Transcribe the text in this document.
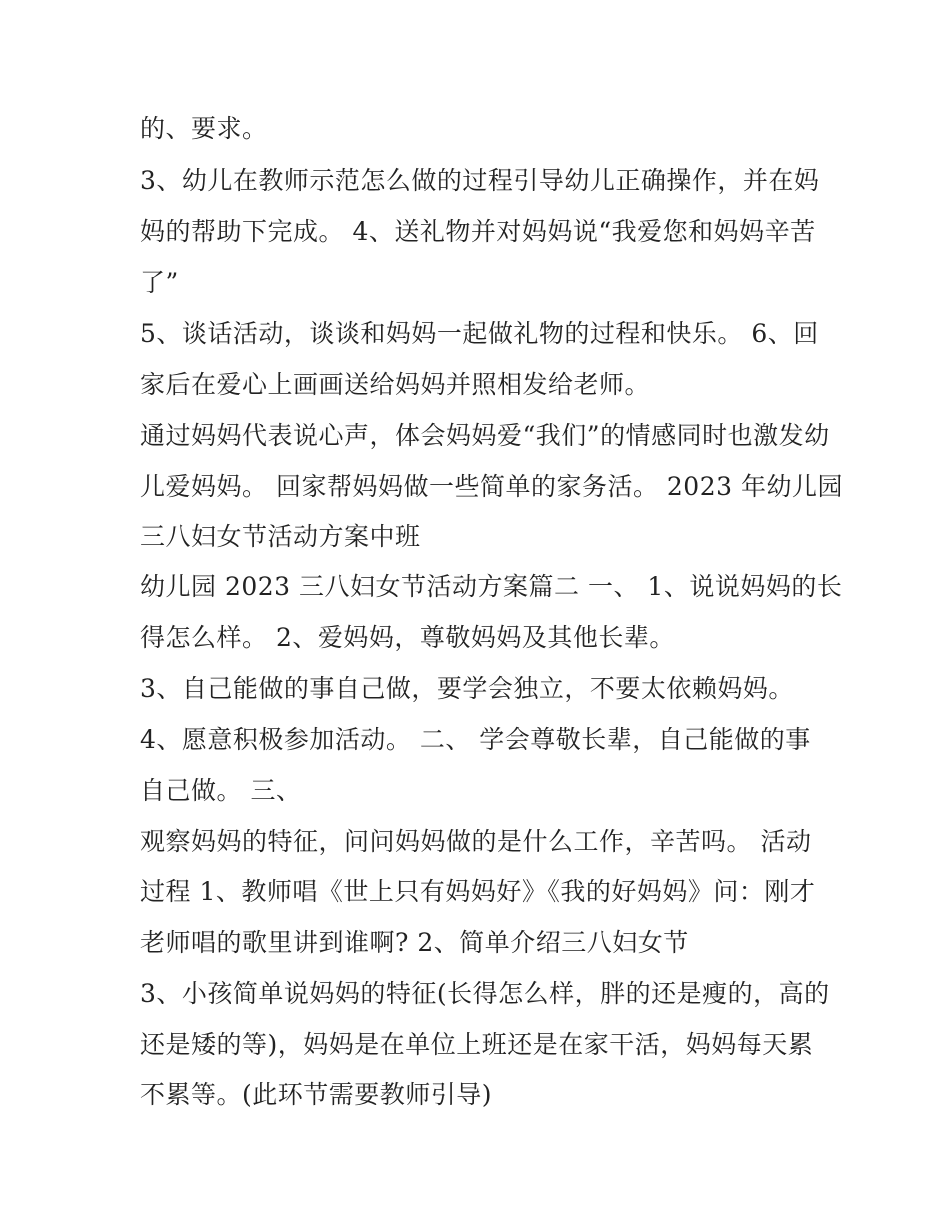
的、要求。
3、幼儿在教师示范怎么做的过程引导幼儿正确操作，并在妈
妈的帮助下完成。 4、送礼物并对妈妈说“我爱您和妈妈辛苦
了”
5、谈话活动，谈谈和妈妈一起做礼物的过程和快乐。 6、回
家后在爱心上画画送给妈妈并照相发给老师。
通过妈妈代表说心声，体会妈妈爱“我们”的情感同时也激发幼
儿爱妈妈。 回家帮妈妈做一些简单的家务活。 2023 年幼儿园
三八妇女节活动方案中班
幼儿园 2023 三八妇女节活动方案篇二 一、 1、说说妈妈的长
得怎么样。 2、爱妈妈，尊敬妈妈及其他长辈。
3、自己能做的事自己做，要学会独立，不要太依赖妈妈。
4、愿意积极参加活动。 二、 学会尊敬长辈，自己能做的事
自己做。 三、
观察妈妈的特征，问问妈妈做的是什么工作，辛苦吗。 活动
过程 1、教师唱《世上只有妈妈好》《我的好妈妈》问：刚才
老师唱的歌里讲到谁啊? 2、简单介绍三八妇女节
3、小孩简单说妈妈的特征(长得怎么样，胖的还是瘦的，高的
还是矮的等)，妈妈是在单位上班还是在家干活，妈妈每天累
不累等。(此环节需要教师引导)
